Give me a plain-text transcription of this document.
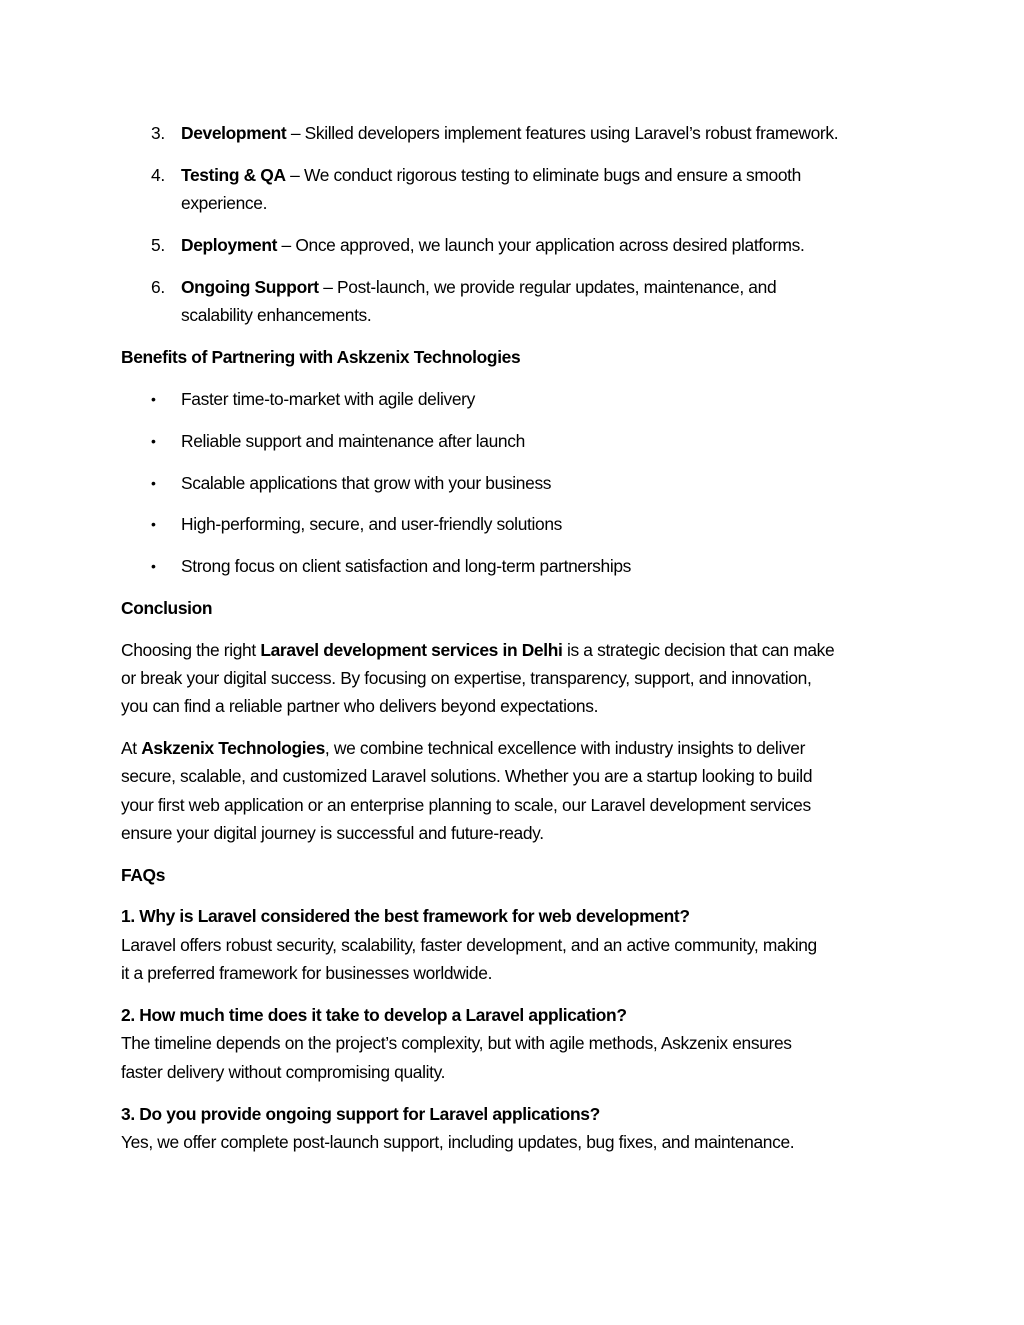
3. Development – Skilled developers implement features using Laravel’s robust framework.
4. Testing & QA – We conduct rigorous testing to eliminate bugs and ensure a smooth
experience.
5. Deployment – Once approved, we launch your application across desired platforms.
6. Ongoing Support – Post-launch, we provide regular updates, maintenance, and
scalability enhancements.
Benefits of Partnering with Askzenix Technologies
• Faster time-to-market with agile delivery
• Reliable support and maintenance after launch
• Scalable applications that grow with your business
• High-performing, secure, and user-friendly solutions
• Strong focus on client satisfaction and long-term partnerships
Conclusion
Choosing the right Laravel development services in Delhi is a strategic decision that can make
or break your digital success. By focusing on expertise, transparency, support, and innovation,
you can find a reliable partner who delivers beyond expectations.
At Askzenix Technologies, we combine technical excellence with industry insights to deliver
secure, scalable, and customized Laravel solutions. Whether you are a startup looking to build
your first web application or an enterprise planning to scale, our Laravel development services
ensure your digital journey is successful and future-ready.
FAQs
1. Why is Laravel considered the best framework for web development?
Laravel offers robust security, scalability, faster development, and an active community, making
it a preferred framework for businesses worldwide.
2. How much time does it take to develop a Laravel application?
The timeline depends on the project’s complexity, but with agile methods, Askzenix ensures
faster delivery without compromising quality.
3. Do you provide ongoing support for Laravel applications?
Yes, we offer complete post-launch support, including updates, bug fixes, and maintenance.
